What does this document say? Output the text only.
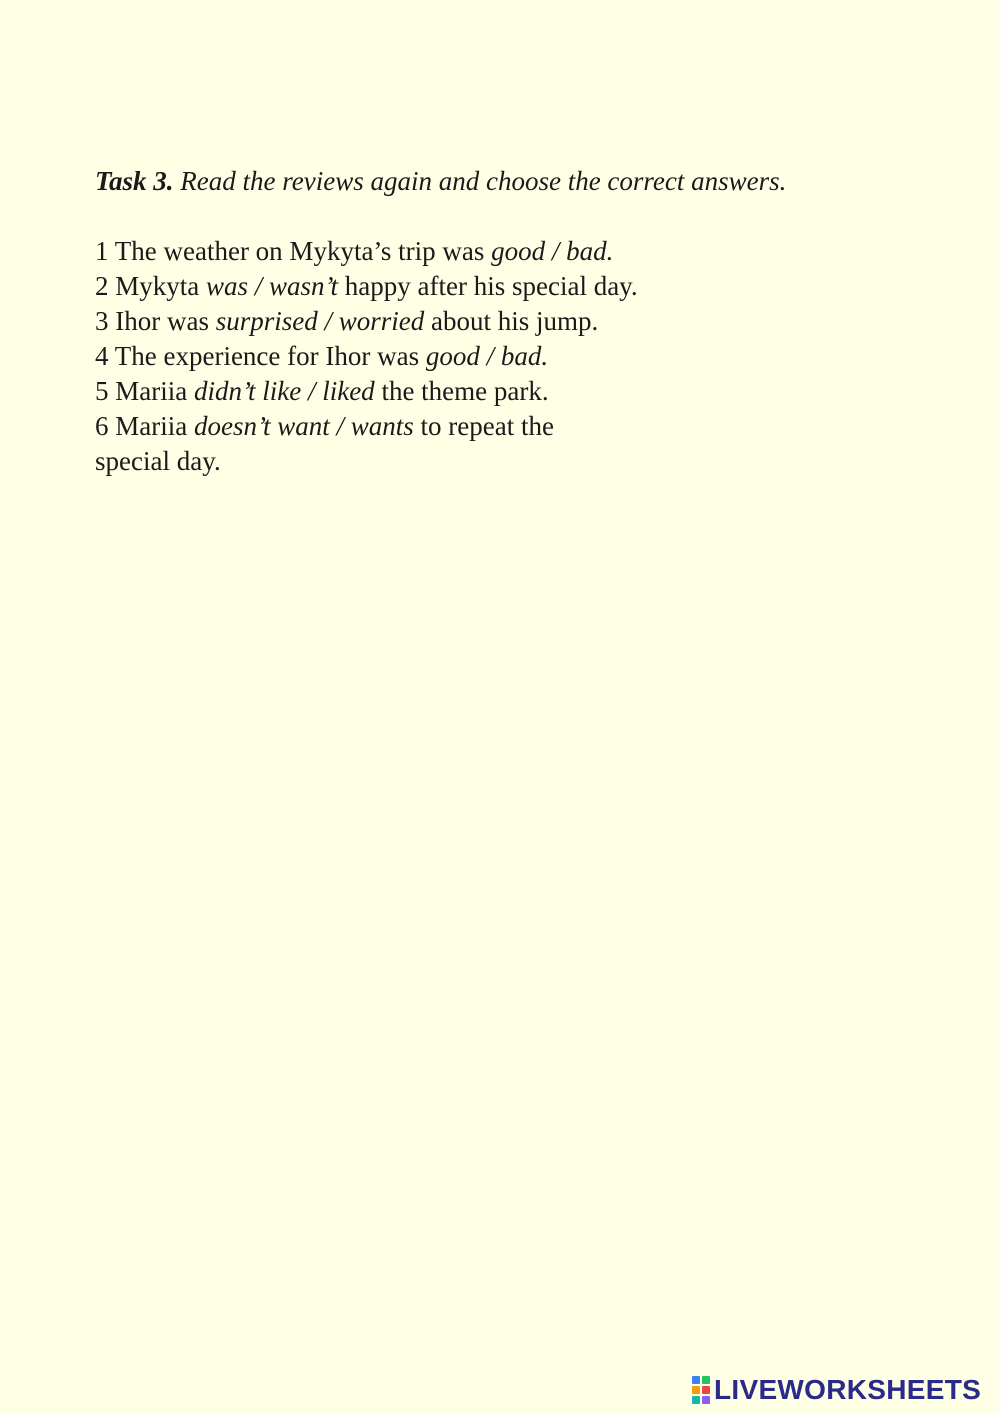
Task 3. Read the reviews again and choose the correct answers.

1 The weather on Mykyta’s trip was good / bad.

2 Mykyta was / wasn’t happy after his special day.

3 Ihor was surprised / worried about his jump.

4 The experience for Ihor was good / bad.

5 Mariia didn’t like / liked the theme park.

6 Mariia doesn’t want / wants to repeat the

special day.

LIVEWORKSHEETS
